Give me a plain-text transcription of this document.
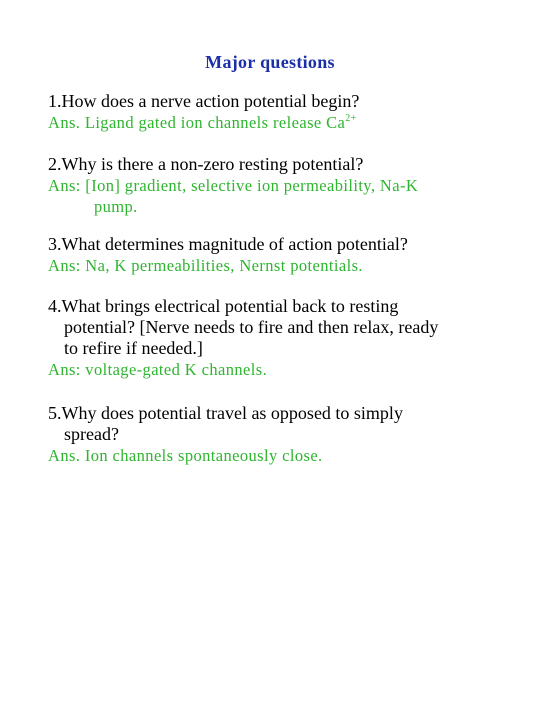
Major questions

1.How does a nerve action potential begin?

Ans. Ligand gated ion channels release $Ca^{2+}$

2.Why is there a non-zero resting potential?

Ans: [Ion] gradient, selective ion permeability, Na-K
pump.

3.What determines magnitude of action potential?

Ans: Na, K permeabilities, Nernst potentials.

4.What brings electrical potential back to resting
potential? [Nerve needs to fire and then relax, ready
to refire if needed.]

Ans: voltage-gated K channels.

5.Why does potential travel as opposed to simply
spread?

Ans. Ion channels spontaneously close.
